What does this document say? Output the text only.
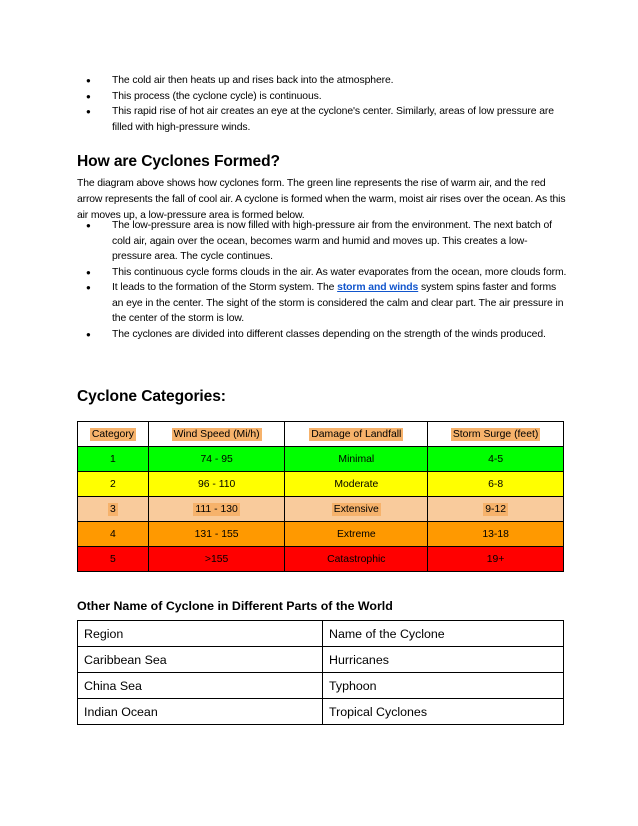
● The cold air then heats up and rises back into the atmosphere.
● This process (the cyclone cycle) is continuous.
● This rapid rise of hot air creates an eye at the cyclone's center. Similarly, areas of low pressure are filled with high-pressure winds.
How are Cyclones Formed?

The diagram above shows how cyclones form. The green line represents the rise of warm air, and the red arrow represents the fall of cool air. A cyclone is formed when the warm, moist air rises over the ocean. As this air moves up, a low-pressure area is formed below.

● The low-pressure area is now filled with high-pressure air from the environment. The next batch of cold air, again over the ocean, becomes warm and humid and moves up. This creates a low-pressure area. The cycle continues.
● This continuous cycle forms clouds in the air. As water evaporates from the ocean, more clouds form.
● It leads to the formation of the Storm system. The storm and winds system spins faster and forms an eye in the center. The sight of the storm is considered the calm and clear part. The air pressure in the center of the storm is low.
● The cyclones are divided into different classes depending on the strength of the winds produced.
Cyclone Categories:
Category	Wind Speed (Mi/h)	Damage of Landfall	Storm Surge (feet)
1	74 - 95	Minimal	4-5
2	96 - 110	Moderate	6-8
3	111 - 130	Extensive	9-12
4	131 - 155	Extreme	13-18
5	>155	Catastrophic	19+
Other Name of Cyclone in Different Parts of the World
Region	Name of the Cyclone
Caribbean Sea	Hurricanes
China Sea	Typhoon
Indian Ocean	Tropical Cyclones
